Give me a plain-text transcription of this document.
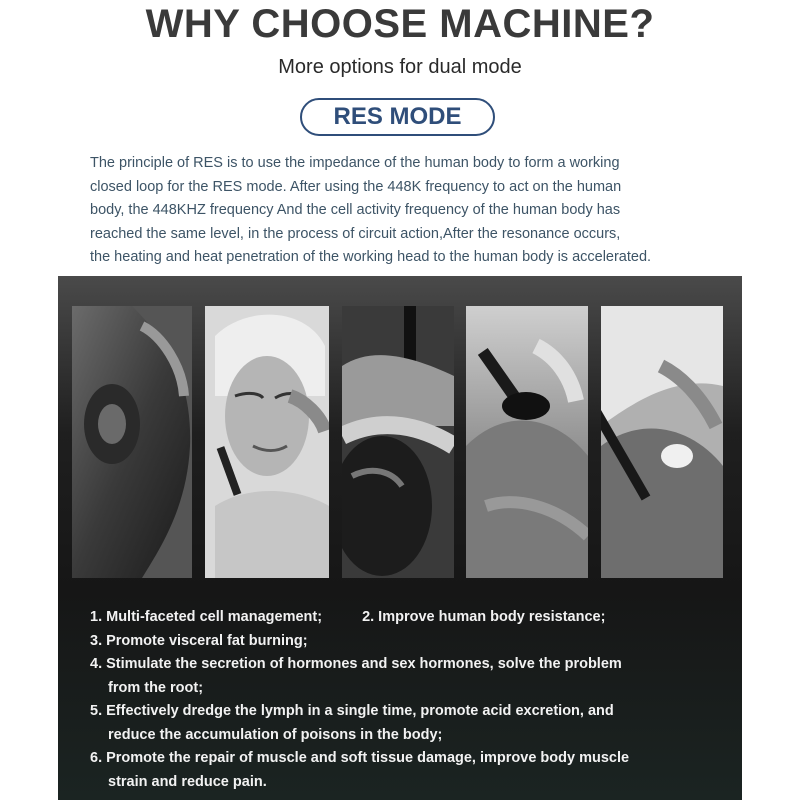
WHY CHOOSE MACHINE?
More options for dual mode
RES MODE

The principle of RES is to use the impedance of the human body to form a working

closed loop for the RES mode. After using the 448K frequency to act on the human

body, the 448KHZ frequency And the cell activity frequency of the human body has

reached the same level, in the process of circuit action,After the resonance occurs,

the heating and heat penetration of the working head to the human body is accelerated.

1. Multi-faceted cell management;	2. Improve human body resistance;
3. Promote visceral fat burning;
4. Stimulate the secretion of hormones and sex hormones, solve the problem
from the root;
5. Effectively dredge the lymph in a single time, promote acid excretion, and
reduce the accumulation of poisons in the body;
6. Promote the repair of muscle and soft tissue damage, improve body muscle
strain and reduce pain.
